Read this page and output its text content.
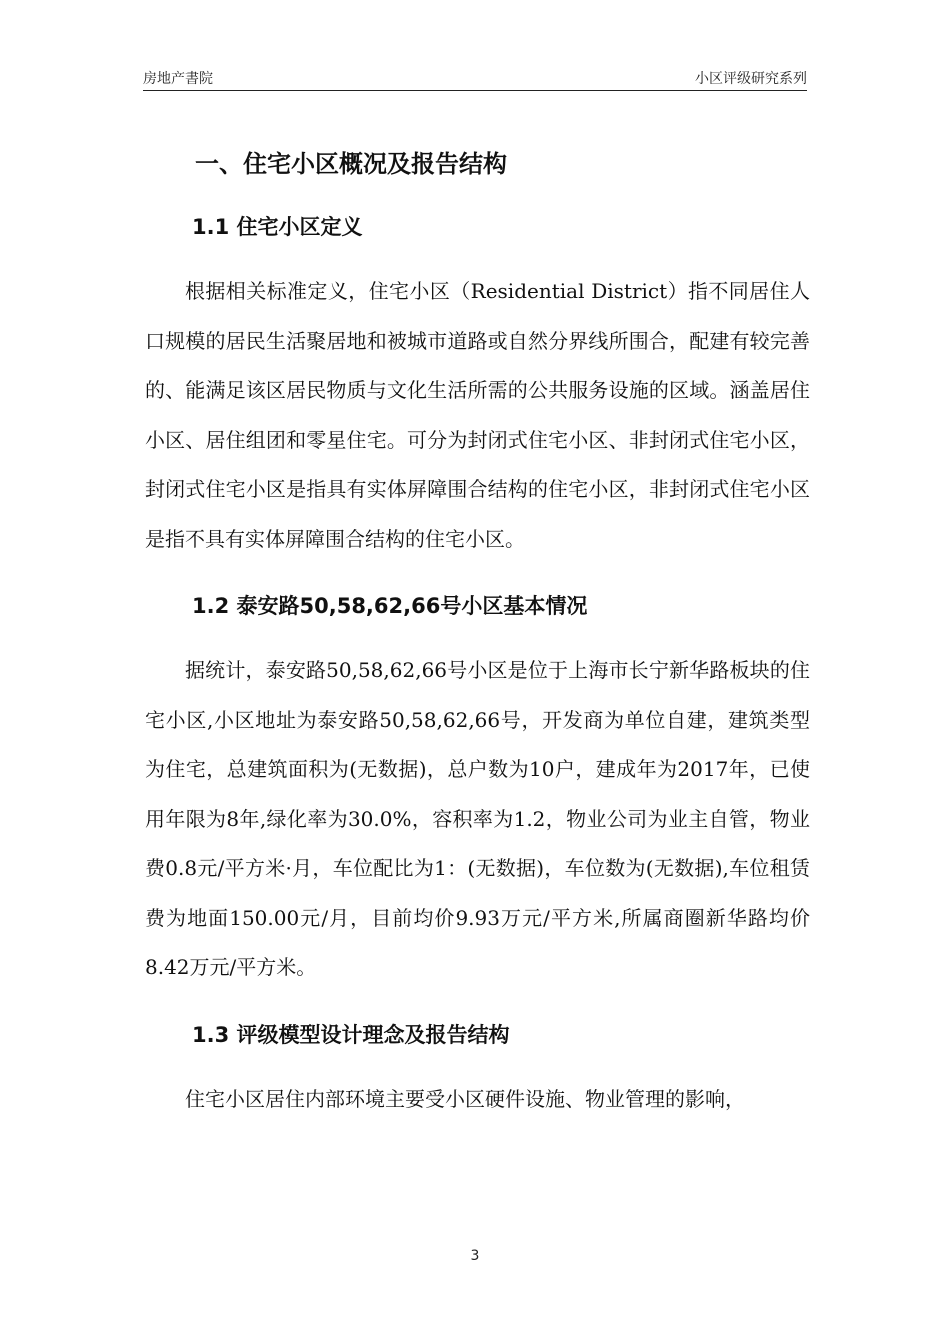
房地产書院	小区评级研究系列
一、住宅小区概况及报告结构
1.1 住宅小区定义

根据相关标准定义，住宅小区（Residential District）指不同居住人口规模的居民生活聚居地和被城市道路或自然分界线所围合，配建有较完善的、能满足该区居民物质与文化生活所需的公共服务设施的区域。涵盖居住小区、居住组团和零星住宅。可分为封闭式住宅小区、非封闭式住宅小区，封闭式住宅小区是指具有实体屏障围合结构的住宅小区，非封闭式住宅小区是指不具有实体屏障围合结构的住宅小区。

1.2 泰安路50,58,62,66号小区基本情况

据统计，泰安路50,58,62,66号小区是位于上海市长宁新华路板块的住宅小区,小区地址为泰安路50,58,62,66号，开发商为单位自建，建筑类型为住宅，总建筑面积为(无数据)，总户数为10户，建成年为2017年，已使用年限为8年,绿化率为30.0%，容积率为1.2，物业公司为业主自管，物业费0.8元/平方米·月，车位配比为1：(无数据)，车位数为(无数据),车位租赁费为地面150.00元/月，目前均价9.93万元/平方米,所属商圈新华路均价8.42万元/平方米。

1.3 评级模型设计理念及报告结构

住宅小区居住内部环境主要受小区硬件设施、物业管理的影响，

3
